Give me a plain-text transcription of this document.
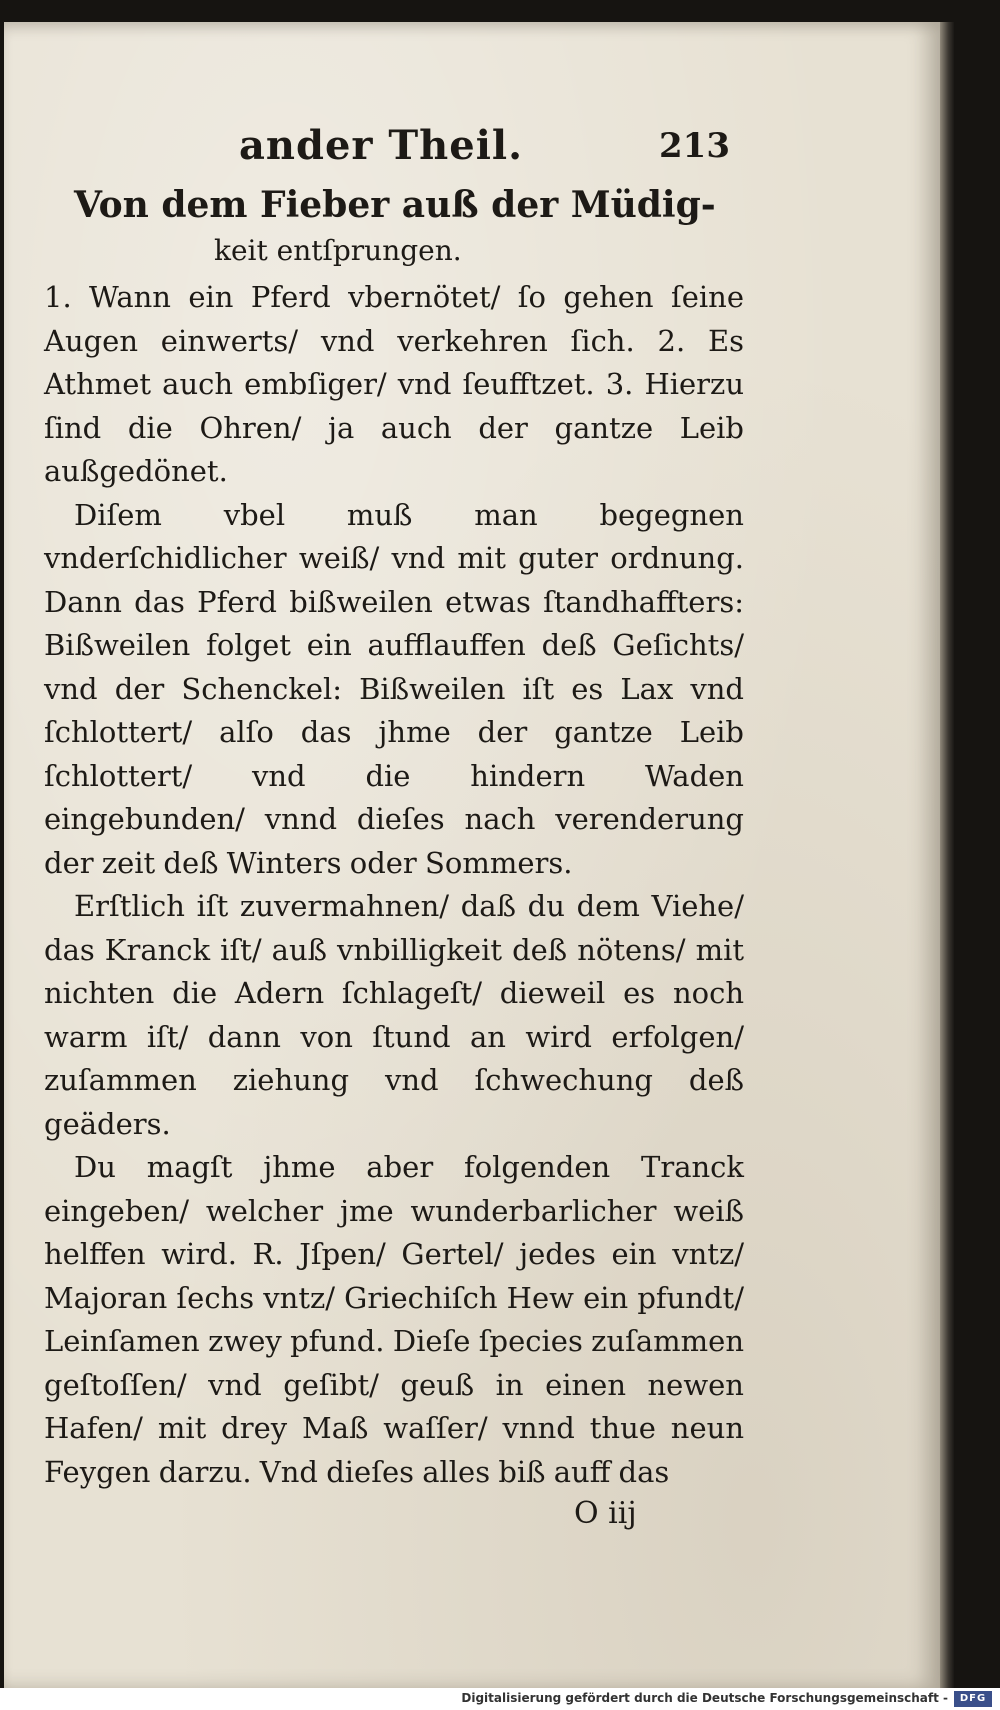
ander Theil.	213
Von dem Fieber auß der Müdig-
keit entſprungen.

1. Wann ein Pferd vbernötet/ ſo gehen ſeine Augen einwerts/ vnd verkehren ſich. 2. Es Athmet auch embſiger/ vnd ſeufftzet. 3. Hierzu ſind die Ohren/ ja auch der gantze Leib außgedönet.

Diſem vbel muß man begegnen vnderſchidlicher weiß/ vnd mit guter ordnung. Dann das Pferd bißweilen etwas ſtandhaffters: Bißweilen folget ein aufflauffen deß Geſichts/ vnd der Schenckel: Bißweilen iſt es Lax vnd ſchlottert/ alſo das jhme der gantze Leib ſchlottert/ vnd die hindern Waden eingebunden/ vnnd dieſes nach verenderung der zeit deß Winters oder Sommers.

Erſtlich iſt zuvermahnen/ daß du dem Viehe/ das Kranck iſt/ auß vnbilligkeit deß nötens/ mit nichten die Adern ſchlageſt/ dieweil es noch warm iſt/ dann von ſtund an wird erfolgen/ zuſammen ziehung vnd ſchwechung deß geäders.

Du magſt jhme aber folgenden Tranck eingeben/ welcher jme wunderbarlicher weiß helffen wird. R. Jſpen/ Gertel/ jedes ein vntz/ Majoran ſechs vntz/ Griechiſch Hew ein pfundt/ Leinſamen zwey pfund. Dieſe ſpecies zuſammen geſtoſſen/ vnd geſibt/ geuß in einen newen Hafen/ mit drey Maß waſſer/ vnnd thue neun Feygen darzu. Vnd dieſes alles biß auff das

O iij
Digitalisierung gefördert durch die Deutsche Forschungsgemeinschaft -	DFG
